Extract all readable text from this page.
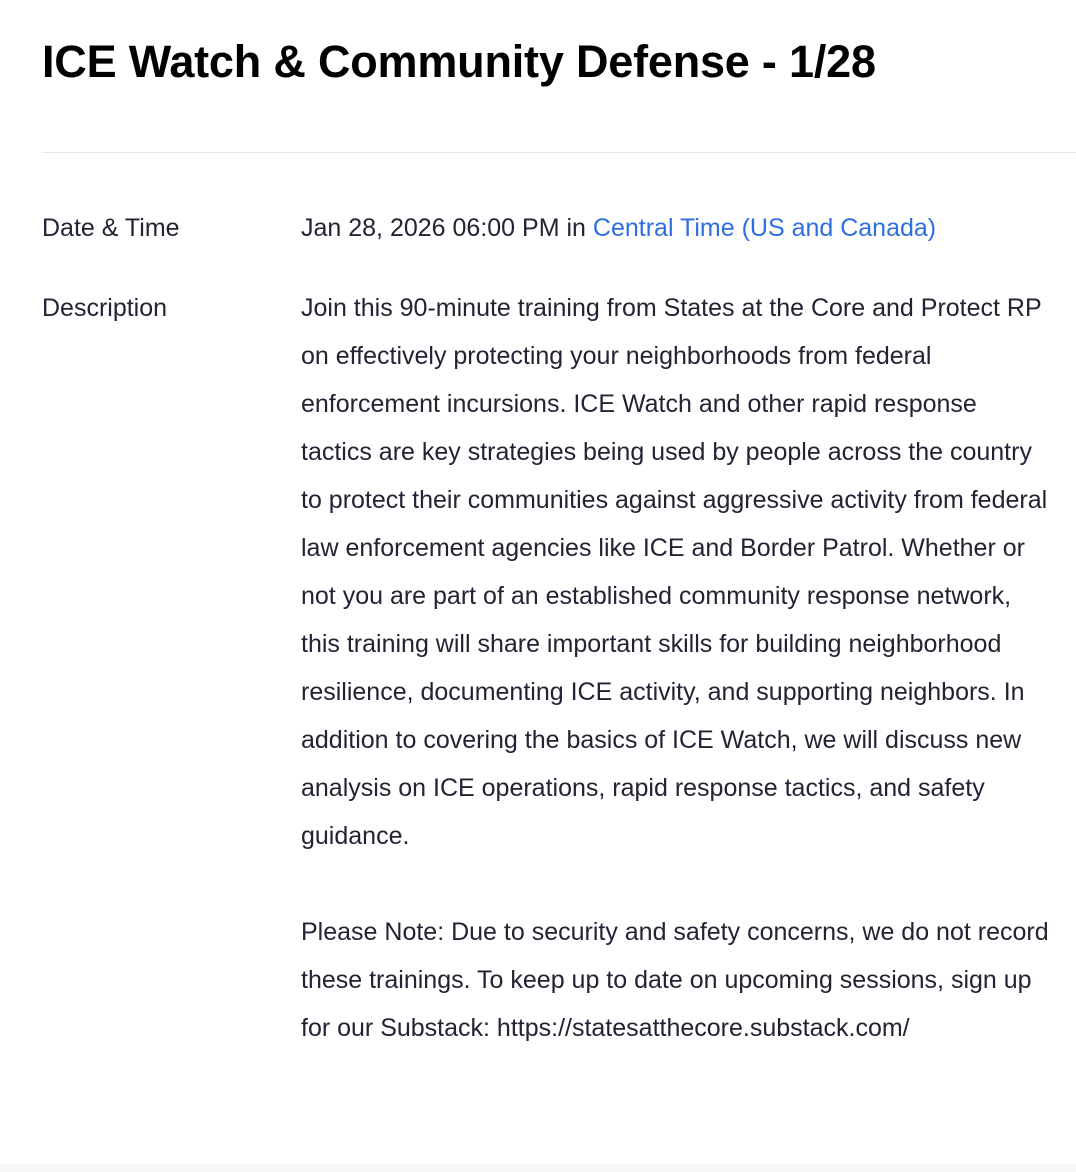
ICE Watch & Community Defense - 1/28
Date & Time	Jan 28, 2026 06:00 PM in Central Time (US and Canada)
Description	Join this 90-minute training from States at the Core and Protect RP on effectively protecting your neighborhoods from federal enforcement incursions. ICE Watch and other rapid response tactics are key strategies being used by people across the country to protect their communities against aggressive activity from federal law enforcement agencies like ICE and Border Patrol. Whether or not you are part of an established community response network, this training will share important skills for building neighborhood resilience, documenting ICE activity, and supporting neighbors. In addition to covering the basics of ICE Watch, we will discuss new analysis on ICE operations, rapid response tactics, and safety guidance.

Please Note: Due to security and safety concerns, we do not record these trainings. To keep up to date on upcoming sessions, sign up for our Substack: https://statesatthecore.substack.com/
